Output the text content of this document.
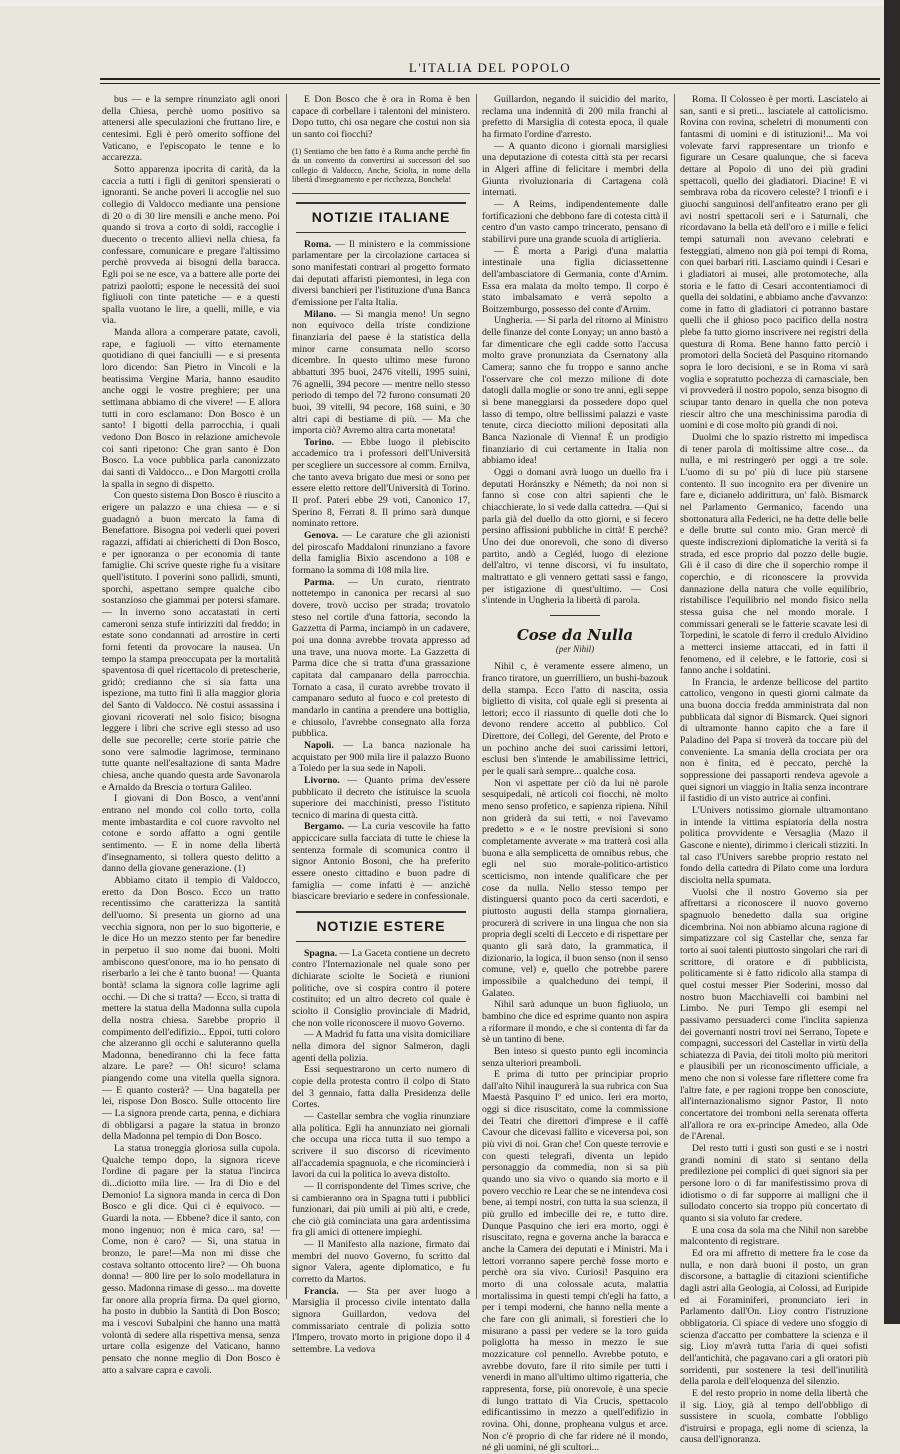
L'ITALIA DEL POPOLO

bus — e la sempre rinunziato agli onori della Chiesa, perchè uomo positivo sa attenersi alle speculazioni che fruttano lire, e centesimi. Egli è però omerito soffione del Vaticano, e l'episcopato le tenne e lo accarezza.

Sotto apparenza ipocrita di carità, da la caccia a tutti i figli di genitori spensierati o ignoranti. Se anche poveri li accoglie nel suo collegio di Valdocco mediante una pensione di 20 o di 30 lire mensili e anche meno. Poi quando si trova a corto di soldi, raccoglie i duecento o trecento allievi nella chiesa, fa confessare, comunicare e pregare l'altissimo perchè provveda ai bisogni della baracca. Egli poi se ne esce, va a battere alle porte dei patrizi paolotti; espone le necessità dei suoi figliuoli con tinte patetiche — e a questi spalla vuotano le lire, a quelli, mille, e via via.

Manda allora a comperare patate, cavoli, rape, e fagiuoli — vitto eternamente quotidiano di quei fanciulli — e si presenta loro dicendo: San Pietro in Vincoli e la beatissima Vergine Maria, hanno esaudito anche oggi le vostre preghiere; per una settimana abbiamo di che vivere! — E allora tutti in coro esclamano: Don Bosco è un santo! I bigotti della parrocchia, i quali vedono Don Bosco in relazione amichevole coi santi ripetono: Che gran santo è Don Bosco. La voce pubblica parla canonizzato dai santi di Valdocco... e Don Margotti crolla la spalla in segno di dispetto.

Con questo sistema Don Bosco è riuscito a erigere un palazzo e una chiesa — e si guadagnò a buon mercato la fama di Benefattore. Bisogna poi vederli quei poveri ragazzi, affidati ai chierichetti di Don Bosco, e per ignoranza o per economia di tante famiglie. Chi scrive queste righe fu a visitare quell'istituto. I poverini sono pallidi, smunti, sporchi, aspettano sempre qualche cibo sostanzioso che giammai per potersi sfamare. — In inverno sono accatastati in certi cameroni senza stufe intirizziti dal freddo; in estate sono condannati ad arrostire in certi forni fetenti da provocare la nausea. Un tempo la stampa preoccupata per la mortalità spaventosa di quel ricettacolo di pretescherie, gridò; credianno che si sia fatta una ispezione, ma tutto finì lì alla maggior gloria del Santo di Valdocco. Nè costui assassina i giovani ricoverati nel solo fisico; bisogna leggere i libri che scrive egli stesso ad uso delle sue pecorelle; certe storie patrie che sono vere salmodie lagrimose, terminano tutte quante nell'esaltazione di santa Madre chiesa, anche quando questa arde Savonarola e Arnaldo da Brescia o tortura Galileo.

I giovani di Don Bosco, a vent'anni entrano nel mondo col collo torto, colla mente imbastardita e col cuore ravvolto nel cotone e sordo affatto a ogni gentile sentimento. — E in nome della libertà d'insegnamento, si tollera questo delitto a danno della giovane generazione. (1)

Abbiamo citato il tempio di Valdocco, eretto da Don Bosco. Ecco un tratto recentissimo che caratterizza la santità dell'uomo. Si presenta un giorno ad una vecchia signora, non per lo suo bigotterie, e le dice Ho un mezzo stento per far benedire in perpetuo il suo nome dai buoni. Molti ambiscono quest'onore, ma io ho pensato di riserbarlo a lei che è tanto buona! — Quanta bontà! sclama la signora colle lagrime agli occhi. — Di che si tratta? — Ecco, si tratta di mettere la statua della Madonna sulla cupola della nostra chiesa. Sarebbe proprio il compimento dell'edifizio... Eppoi, tutti coloro che alzeranno gli occhi e saluteranno quella Madonna, benediranno chi la fece fatta alzare. Le pare? — Oh! sicuro! sclama piangendo come una vitella quella signora. — E quanto costerà? — Una bagatella per lei, rispose Don Bosco. Sulle ottocento lire — La signora prende carta, penna, e dichiara di obbligarsi a pagare la statua in bronzo della Madonna pel tempio di Don Bosco.

La statua troneggia gloriosa sulla cupola. Qualche tempo dopo, la signora riceve l'ordine di pagare per la statua l'incirca di...diciotto mila lire. — Ira di Dio e del Demonio! La signora manda in cerca di Don Bosco e gli dice. Qui ci è equivoco. — Guardi la nota. — Ebbene? dice il santo, con mono ingenuo; non è mica caro, sa! — Come, non è caro? — Si, una statua in bronzo, le pare!—Ma non mi disse che costava soltanto ottocento lire? — Oh buona donna! — 800 lire per lo solo modellatura in gesso. Madonna rimase di gesso... ma dovette far onore alla propria firma. Da quel giorno, ha posto in dubbio la Santità di Don Bosco; ma i vescovi Subalpini che hanno una mattà volontà di sedere alla rispettiva mensa, senza urtare colla esigenze del Vaticano, hanno pensato che nonne meglio di Don Bosco è atto a salvare capra e cavoli.

E Don Bosco che è ora in Roma è ben capace di corbellare i talentoni del ministero. Dopo tutto, chi osa negare che costui non sia un santo coi fiocchi?

(1) Sentiamo che ben fatto è a Roma anche perchè fin da un convento da convertirsi ai successori del suo collegio di Valdocco, Anche, Sciolta, in nome della libertà d'insegnamento e per ricchezza, Bonchela!
NOTIZIE ITALIANE

Roma. — Il ministero e la commissione parlamentare per la circolazione cartacea si sono manifestati contrari al progetto formato dai deputati affaristi piemontesi, in lega con diversi banchieri per l'istituzione d'una Banca d'emissione per l'alta Italia.

Milano. — Si mangia meno! Un segno non equivoco della triste condizione finanziaria del paese è la statistica della minor carne consumata nello scorso dicembre. In questo ultimo mese furono abbattuti 395 buoi, 2476 vitelli, 1995 suini, 76 agnelli, 394 pecore — mentre nello stesso periodo di tempo del 72 furono consumati 20 buoi, 39 vitelli, 94 pecore, 168 suini, e 30 altri capi di bestiame di più. — Ma che importa ciò? Avremo altra carta monetata!

Torino. — Ebbe luogo il plebiscito accademico tra i professori dell'Università per scegliere un successore al comm. Ernilva, che tanto aveva brigato due mesi or sono per essere eletto rettore dell'Università di Torino. Il prof. Pateri ebbe 29 voti, Canonico 17, Sperino 8, Ferrati 8. Il primo sarà dunque nominato rettore.

Genova. — Le carature che gli azionisti del piroscafo Maddaloni rinunziano a favore della famiglia Bixio ascendono a 108 e formano la somma di 108 mila lire.

Parma. — Un curato, rientrato nottetempo in canonica per recarsi al suo dovere, trovò ucciso per strada; trovatolo steso nel cortile d'una fattoria, secondo la Gazzetta di Parma, inciampò in un cadavere, poi una donna avrebbe trovata appresso ad una trave, una nuova morte. La Gazzetta di Parma dice che si tratta d'una grassazione capitata dal campanaro della parrocchia. Tornato a casa, il curato avrebbe trovato il campanaro seduto al fuoco e col pretesto di mandarlo in cantina a prendere una bottiglia, e chiusolo, l'avrebbe consegnato alla forza pubblica.

Napoli. — La banca nazionale ha acquistato per 900 mila lire il palazzo Buono a Toledo per la sua sede in Napoli.

Livorno. — Quanto prima dev'essere pubblicato il decreto che istituisce la scuola superiore dei macchinisti, presso l'istituto tecnico di marina di questa città.

Bergamo. — La curia vescovile ha fatto appiccicare sulla facciata di tutte le chiese la sentenza formale di scomunica contro il signor Antonio Bosoni, che ha preferito essere onesto cittadino e buon padre di famiglia — come infatti è — anzichè biascicare breviario e sedere in confessionale.

NOTIZIE ESTERE

Spagna. — La Gaceta contiene un decreto contro l'Internazionale nel quale sono per dichiarate sciolte le Società e riunioni politiche, ove si cospira contro il potere costituito; ed un altro decreto col quale è sciolto il Consiglio provinciale di Madrid, che non volle riconoscere il nuovo Governo.

— A Madrid fu fatta una visita domiciliare nella dimora del signor Salmeron, dagli agenti della polizia.

Essi sequestrarono un certo numero di copie della protesta contro il colpo di Stato del 3 gennaio, fatta dalla Presidenza delle Cortes.

— Castellar sembra che voglia rinunziare alla politica. Egli ha annunziato nei giornali che occupa una ricca tutta il suo tempo a scrivere il suo discorso di ricevimento all'accademia spagnuola, e che ricomincierà i lavori da cui la politica lo aveva distolto.

— Il corrispondente del Times scrive, che si cambieranno ora in Spagna tutti i pubblici funzionari, dai più umili ai più alti, e crede, che ciò già cominciata una gara ardentissima fra gli amici di ottenere impieghi.

— Il Manifesto alla nazione, firmato dai membri del nuovo Governo, fu scritto dal signor Valera, agente diplomatico, e fu corretto da Martos.

Francia. — Sta per aver luogo a Marsiglia il processo civile intentato dalla signora Guillardon, vedova del commissariato centrale di polizia sotto l'Impero, trovato morto in prigione dopo il 4 settembre. La vedova

Guillardon, negando il suicidio del marito, reclama una indennità di 200 mila franchi al prefetto di Marsiglia di cotesta epoca, il quale ha firmato l'ordine d'arresto.

— A quanto dicono i giornali marsigliesi una deputazione di cotesta città sta per recarsi in Algeri affine di felicitare i membri della Giunta rivoluzionaria di Cartagena colà internati.

— A Reims, indipendentemente dalle fortificazioni che debbono fare di cotesta città il centro d'un vasto campo trincerato, pensano di stabilirvi pure una grande scuola di artiglieria.

— È morta a Parigi d'una malattia intestinale una figlia diciassettenne dell'ambasciatore di Germania, conte d'Arnim. Essa era malata da molto tempo. Il corpo è stato imbalsamato e verrà sepolto a Boitzemburgo, possesso del conte d'Arnim.

Ungheria. — Si parla del ritorno al Ministro delle finanze del conte Lonyay; un anno bastò a far dimenticare che egli cadde sotto l'accusa molto grave pronunziata da Csernatony alla Camera; sanno che fu troppo e sanno anche l'osservare che col mezzo milione di dote datogli dalla moglie or sono tre anni, egli seppe sì bene maneggiarsi da possedere dopo quel lasso di tempo, oltre bellissimi palazzi e vaste tenute, circa dieciotto milioni depositati alla Banca Nazionale di Vienna! È un prodigio finanziario di cui certamente in Italia non abbiamo idea!

Oggi o domani avrà luogo un duello fra i deputati Horánszky e Németh; da noi non si fanno sì cose con altri sapienti che le chiacchierate, lo si vede dalla cattedra. —Qui si parla già del duello da otto giorni, e si fecero persino affissioni pubbliche in città! E perchè? Uno dei due onorevoli, che sono di diverso partito, andò a Cegléd, luogo di elezione dell'altro, vi tenne discorsi, vi fu insultato, maltrattato e gli vennero gettati sassi e fango, per istigazione di quest'ultimo. — Così s'intende in Ungheria la libertà di parola.

Cose da Nulla
(per Nihil)

Nihil c, è veramente essere almeno, un franco tiratore, un guerrilliero, un bushi-bazouk della stampa. Ecco l'atto di nascita, ossia biglietto di visita, col quale egli si presenta ai lettori; ecco il riassunto di quelle doti che lo devono rendere accetto al pubblico. Col Direttore, dei Collegi, del Gerente, del Proto e un pochino anche dei suoi carissimi lettori, esclusi ben s'intende le amabilissime lettrici, per le quali sarà sempre... qualche cosa.

Non vi aspettate per ciò da lui nè parole sesquipedali, nè articoli coi fiocchi, nè molto meno senso profetico, e sapienza ripiena. Nihil non griderà da sui tetti, « noi l'avevamo predetto » e « le nostre previsioni si sono completamente avverate » ma tratterà così alla buona e alla semplicetta de omnibus rebus, che egli nel suo morale-politico-artistico scetticismo, non intende qualificare che per cose da nulla. Nello stesso tempo per distinguersi quanto poco da certi sacerdoti, e piuttosto augusti della stampa giornaliera, procurerà di scrivere in una lingua che non sia propria degli scelti di Lecceto e di rispettare per quanto gli sarà dato, la grammatica, il dizionario, la logica, il buon senso (non il senso comune, vel) e, quello che potrebbe parere impossibile a qualcheduno dei tempi, il Galateo.

Nihil sarà adunque un buon figliuolo, un bambino che dice ed esprime quanto non aspira a riformare il mondo, e che si contenta di far da sè un tantino di bene.

Ben inteso si questo punto egli incomincia senza ulteriori preamboli.

E prima di tutto per principiar proprio dall'alto Nihil inaugurerà la sua rubrica con Sua Maestà Pasquino Iº ed unico. Ieri era morto, oggi si dice risuscitato, come la commissione dei Teatri che direttori d'imprese e il caffè Cavour che dicevasi fallito e viceversa poi, son più vivi di noi. Gran che! Con queste terrovie e con questi telegrafi, diventa un lepido personaggio da commedia, non si sa più quando uno sia vivo o quando sia morto e il povero vecchio re Lear che se ne intendeva così bene, ai tempi nostri, con tutta la sua scienza, il più grullo ed imbecille dei re, e tutto dire. Dunque Pasquino che ieri era morto, oggi è risuscitato, regna e governa anche la baracca e anche la Camera dei deputati e i Ministri. Ma i lettori vorranno sapere perchè fosse morto e perchè ora sia vivo. Curiosi! Pasquino era morto di una colossale acuta, malattia mortalissima in questi tempi ch'egli ha fatto, a per i tempi moderni, che hanno nella mente a che fare con gli animali, sì forestieri che lo misurano a passi per vedere se la toro guida poliglotta ha messo in mezzo le sue mozzicature col pennello. Avrebbe potuto, e avrebbe dovuto, fare il rito simile per tutti i venerdì in mano all'ultimo ultimo rigatteria, che rappresenta, forse, più onorevole, è una specie di lungo trattato di Via Crucis, spettacolo edificantissimo in mezzo a quell'edifizio in rovina. Ohi, donne, propheana vulgus et arce. Non c'è proprio di che far ridere né il mondo, né gli uomini, né gli scultori...

Roma. Il Colosseo è per morti. Lasciatelo ai san, santi e sì preti... lasciatele al cattolicismo. Rovina con rovina, scheletri di monumenti con fantasmi di uomini e di istituzioni!... Ma voi volevate farvi rappresentare un trionfo e figurare un Cesare qualunque, che si faceva dettare al Popolo di uno dei più gradini spettacoli, quello dei gladiatori. Diacine! E vi sembrava roba da ricovero celeste? I trionfi e i giuochi sanguinosi dell'anfiteatro erano per gli avi nostri spettacoli seri e i Saturnali, che ricordavano la bella età dell'oro e i mille e felici tempi saturnali non avevano celebrati e festeggiati, almeno non già poi tempi di Roma, con quei barbari riti. Lasciamo quindi i Cesari e i gladiatori ai musei, alle protomoteche, alla storia e le fatto di Cesari accontentiamoci di quella dei soldatini, e abbiamo anche d'avvanzo: come in fatto di gladiatori ci potranno bastare quelli che il ghioso poco pacifico della nostra plebe fa tutto giorno inscrivere nei registri della questura di Roma. Bene hanno fatto perciò i promotori della Società del Pasquino ritornando sopra le loro decisioni, e se in Roma vi sarà voglia e sopratutto pochezza di carnasciale, ben vi provvederà il nostro popolo, senza bisogno di sciupar tanto denaro in quella che non poteva riescir altro che una meschinissima parodia di uomini e di cose molto più grandi di noi.

Duolmi che lo spazio ristretto mi impedisca di tener parola di moltissime altre cose... da nulla, e mi restringerò per oggi a tre sole. L'uomo di su po' più di luce più starsene contento. Il suo incognito era per divenire un fare e, dicianelo addirittura, un' falò. Bismarck nel Parlamento Germanico, facendo una sbottonatura alla Federici, ne ha dette delle belle e delle brutte sul conto mio. Gran mercè di queste indiscrezioni diplomatiche la verità si fa strada, ed esce proprio dal pozzo delle bugie. Gli è il caso di dire che il soperchio rompe il coperchio, e di riconoscere la provvida dannazione della natura che volle equilibrio, ristabilisce l'equilibrio nel mondo fisico nella stessa guisa che nel mondo morale. I commissari generali se le fatterie scavate lesi di Torpedini, le scatole di ferro il credulo Alvidino a metterci insieme attaccati, ed in fatti il fenomeno, ed il celebre, e le fattorie, così si fanno anche i soldatini.

In Francia, le ardenze bellicose del partito cattolico, vengono in questi giorni calmate da una buona doccia fredda amministrata dal non pubblicata dal signor di Bismarck. Quei signori di ultramonte hanno capito che a fare il Paladino del Papa si troverà da toccare più del conveniente. La smania della crociata per ora non è finita, ed è peccato, perchè la soppressione dei passaporti rendeva agevole a quei signori un viaggio in Italia senza incontrare il fastidio di un visto autrice ai confini.

L'Univers notissimo giornale ultramontano in intende la vittima espiatoria della nostra politica provvidente e Versaglia (Mazo il Gascone e niente), dirimmo i clericali stizziti. In tal caso l'Univers sarebbe proprio restato nel fondo della cattedra di Pilato come una lordura disciolta nella spumata.

Vuolsi che il nostro Governo sia per affrettarsi a riconoscere il nuovo governo spagnuolo benedetto dalla sua origine dicembrina. Noi non abbiamo alcuna ragione di simpatizzare col sig Castellar che, senza far torto ai suoi talenti piuttosto singolari che rari di scrittore, di oratore e di pubblicista, politicamente si è fatto ridicolo alla stampa di quel costui messer Pier Soderini, mosso dal nostro buon Macchiavelli coi bambini nel Limbo. Ne puri Tempo gli esempi nel passivamo persuaderci come l'inclita sapienza dei governanti nostri trovi nei Serrano, Topete e compagni, successori del Castellar in virtù della schiatezza di Pavia, dei titoli molto più meritori e plausibili per un riconoscimento ufficiale, a meno che non si volesse fare riflettere come fra l'altre fate, e per ragioni troppe ben conosciute, all'internazionalismo signor Pastor, Il noto concertatore dei tromboni nella serenata offerta all'allora re ora ex-principe Amedeo, alla Ode de l'Arenal.

Del resto tutti i gusti son gusti e se i nostri grandi nomini di stato si sentano della predilezione pei complici di quei signori sia per persone loro o di far manifestissimo prova di idiotismo o di far supporre ai malligni che il sullodato concerto sia troppo più concertato di quanto si sia voluto far credere.

E una cosa da sola ma che Nihil non sarebbe malcontento di registrare.

Ed ora mi affretto di mettere fra le cose da nulla, e non darà buoni il posto, un gran discorsone, a battaglie di citazioni scientifiche dagli astri alla Geologia, ai Colossi, ad Euripide ed ai Foraminiferi, pronunciato ieri in Parlamento dall'On. Lioy contro l'istruzione obbligatoria. Ci spiace di vedere uno sfoggio di scienza d'accatto per combattere la scienza e il sig. Lioy m'avrà tutta l'aria di quei sofisti dell'antichità, che pagavano cari a gli oratori più sorridenti, pur sostenere la tesi dell'inutilità della parola e dell'eloquenza del silenzio.

E del resto proprio in nome della libertà che il sig. Lioy, già al tempo dell'obbligo di sussistere in scuola, combatte l'obbligo d'istruirsi e propaga, egli nome di scienza, la causa dell'ignoranza.
